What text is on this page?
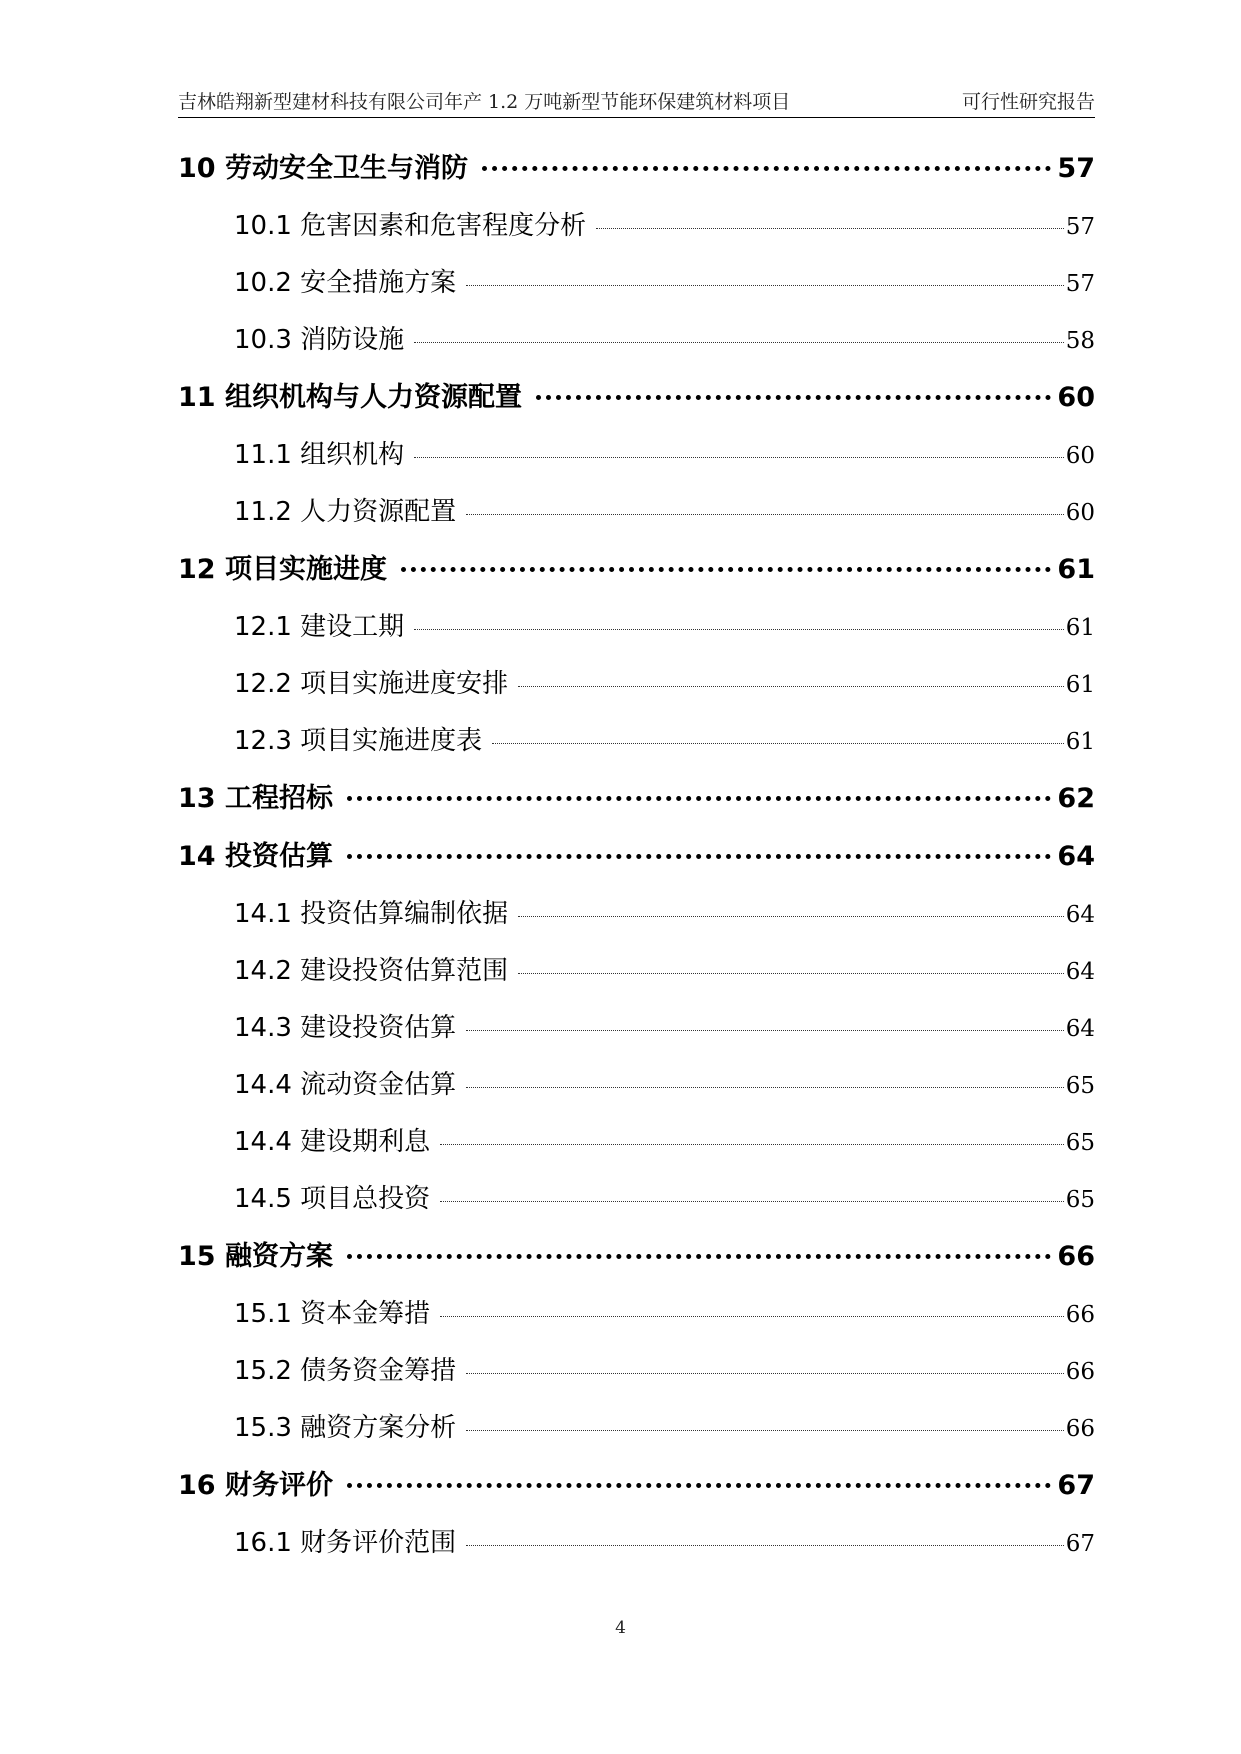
吉林皓翔新型建材科技有限公司年产 1.2 万吨新型节能环保建筑材料项目	可行性研究报告
10 劳动安全卫生与消防	57
10.1 危害因素和危害程度分析	57
10.2 安全措施方案	57
10.3 消防设施	58
11 组织机构与人力资源配置	60
11.1 组织机构	60
11.2 人力资源配置	60
12 项目实施进度	61
12.1 建设工期	61
12.2 项目实施进度安排	61
12.3 项目实施进度表	61
13 工程招标	62
14 投资估算	64
14.1 投资估算编制依据	64
14.2 建设投资估算范围	64
14.3 建设投资估算	64
14.4 流动资金估算	65
14.4 建设期利息	65
14.5 项目总投资	65
15 融资方案	66
15.1 资本金筹措	66
15.2 债务资金筹措	66
15.3 融资方案分析	66
16 财务评价	67
16.1 财务评价范围	67
4
